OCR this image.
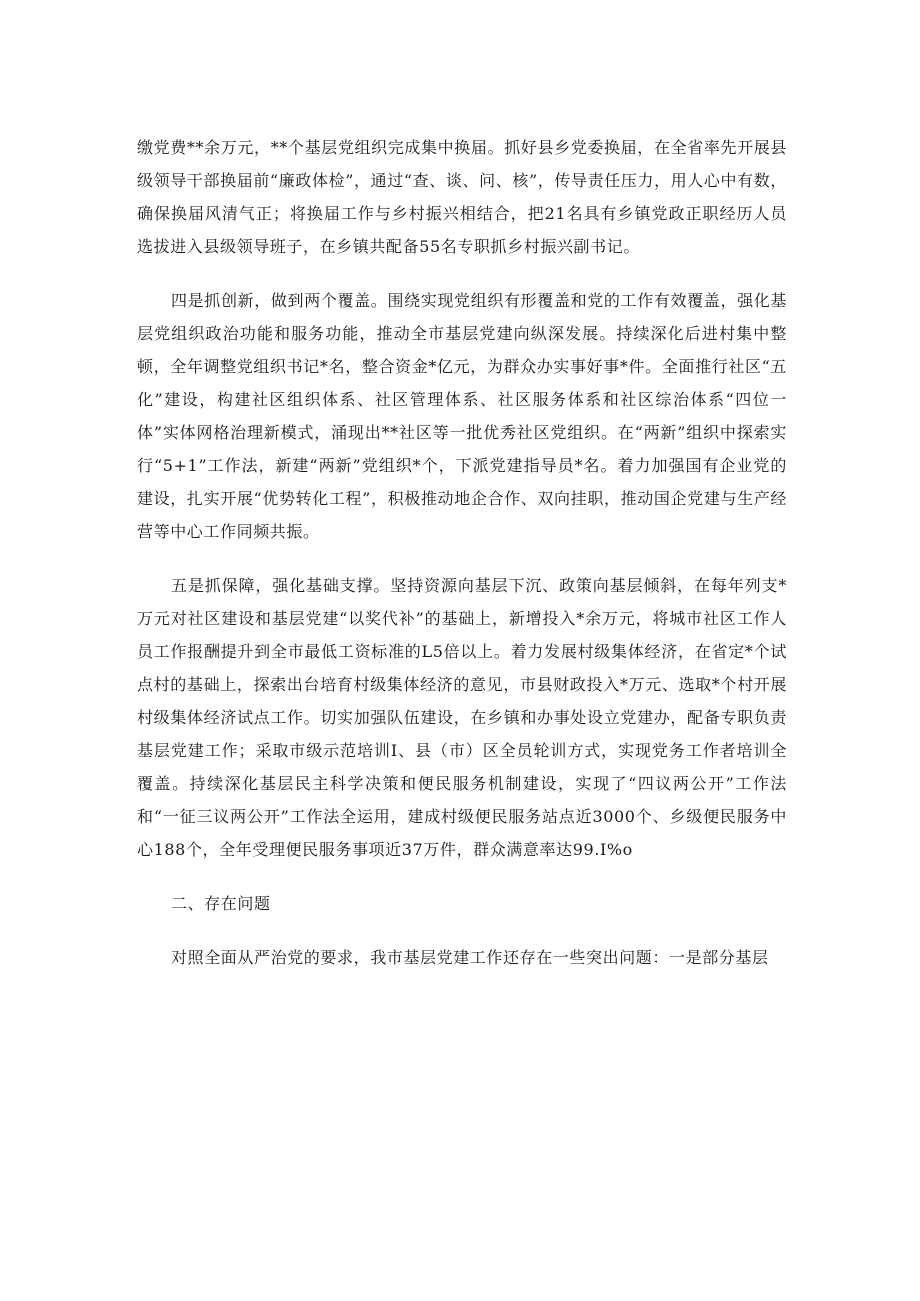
缴党费**余万元，**个基层党组织完成集中换届。抓好县乡党委换届，在全省率先开展县级领导干部换届前“廉政体检”，通过“查、谈、问、核”，传导责任压力，用人心中有数，确保换届风清气正；将换届工作与乡村振兴相结合，把21名具有乡镇党政正职经历人员选拔进入县级领导班子，在乡镇共配备55名专职抓乡村振兴副书记。

四是抓创新，做到两个覆盖。围绕实现党组织有形覆盖和党的工作有效覆盖，强化基层党组织政治功能和服务功能，推动全市基层党建向纵深发展。持续深化后进村集中整顿，全年调整党组织书记*名，整合资金*亿元，为群众办实事好事*件。全面推行社区“五化”建设，构建社区组织体系、社区管理体系、社区服务体系和社区综治体系“四位一体”实体网格治理新模式，涌现出**社区等一批优秀社区党组织。在“两新”组织中探索实行“5+1”工作法，新建“两新”党组织*个，下派党建指导员*名。着力加强国有企业党的建设，扎实开展“优势转化工程”，积极推动地企合作、双向挂职，推动国企党建与生产经营等中心工作同频共振。

五是抓保障，强化基础支撑。坚持资源向基层下沉、政策向基层倾斜，在每年列支*万元对社区建设和基层党建“以奖代补”的基础上，新增投入*余万元，将城市社区工作人员工作报酬提升到全市最低工资标准的L5倍以上。着力发展村级集体经济，在省定*个试点村的基础上，探索出台培育村级集体经济的意见，市县财政投入*万元、选取*个村开展村级集体经济试点工作。切实加强队伍建设，在乡镇和办事处设立党建办，配备专职负责基层党建工作；采取市级示范培训I、县（市）区全员轮训方式，实现党务工作者培训全覆盖。持续深化基层民主科学决策和便民服务机制建设，实现了“四议两公开”工作法和“一征三议两公开”工作法全运用，建成村级便民服务站点近3000个、乡级便民服务中心188个，全年受理便民服务事项近37万件，群众满意率达99.I%o

二、存在问题

对照全面从严治党的要求，我市基层党建工作还存在一些突出问题：一是部分基层
